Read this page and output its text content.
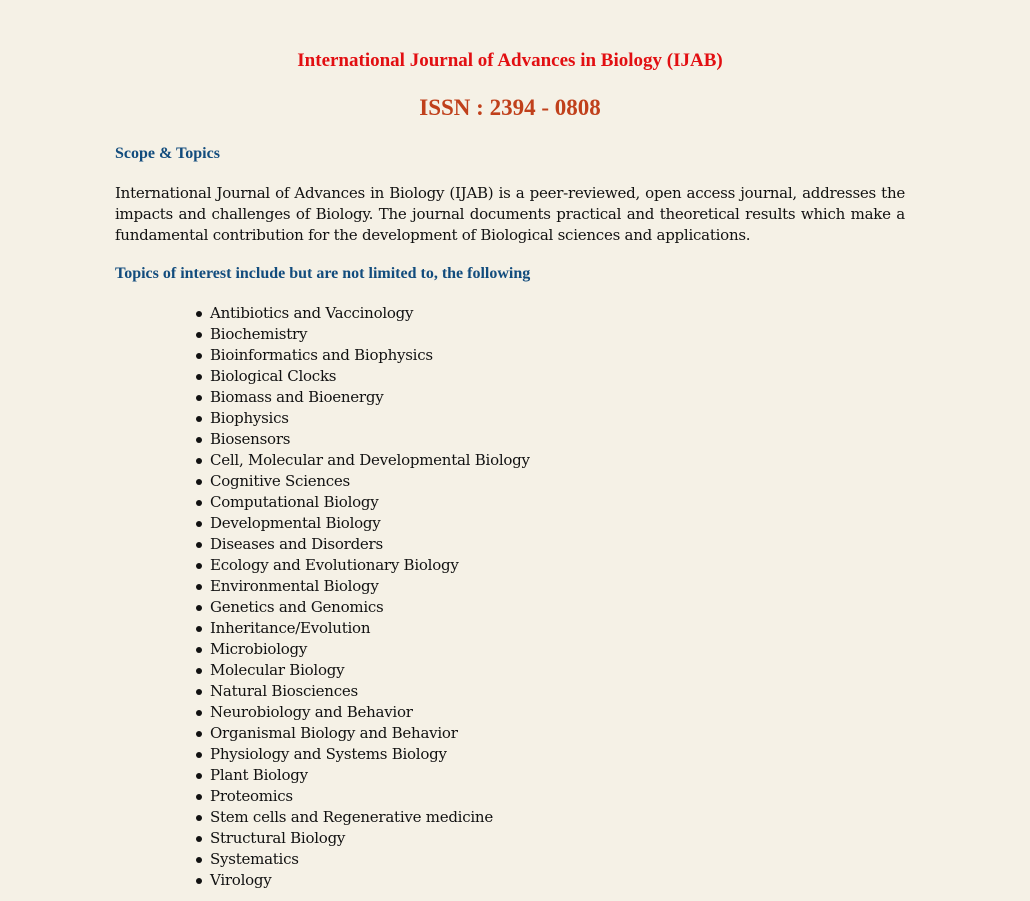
International Journal of Advances in Biology (IJAB)
ISSN : 2394 - 0808
Scope & Topics

International Journal of Advances in Biology (IJAB) is a peer-reviewed, open access journal, addresses the impacts and challenges of Biology. The journal documents practical and theoretical results which make a fundamental contribution for the development of Biological sciences and applications.

Topics of interest include but are not limited to, the following
Antibiotics and Vaccinology
Biochemistry
Bioinformatics and Biophysics
Biological Clocks
Biomass and Bioenergy
Biophysics
Biosensors
Cell, Molecular and Developmental Biology
Cognitive Sciences
Computational Biology
Developmental Biology
Diseases and Disorders
Ecology and Evolutionary Biology
Environmental Biology
Genetics and Genomics
Inheritance/Evolution
Microbiology
Molecular Biology
Natural Biosciences
Neurobiology and Behavior
Organismal Biology and Behavior
Physiology and Systems Biology
Plant Biology
Proteomics
Stem cells and Regenerative medicine
Structural Biology
Systematics
Virology
